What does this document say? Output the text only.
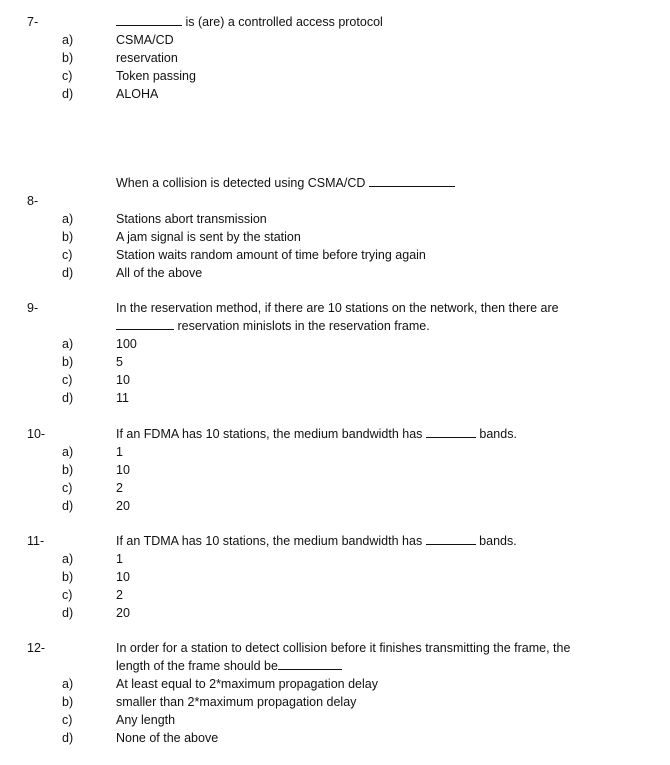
7-	is (are) a controlled access protocol
a)	CSMA/CD
b)	reservation
c)	Token passing
d)	ALOHA
When a collision is detected using CSMA/CD
8-
a)	Stations abort transmission
b)	A jam signal is sent by the station
c)	Station waits random amount of time before trying again
d)	All of the above
9-	In the reservation method, if there are 10 stations on the network, then there are
reservation minislots in the reservation frame.
a)	100
b)	5
c)	10
d)	11
10-	If an FDMA has 10 stations, the medium bandwidth has	bands.
a)	1
b)	10
c)	2
d)	20
11-	If an TDMA has 10 stations, the medium bandwidth has	bands.
a)	1
b)	10
c)	2
d)	20
12-	In order for a station to detect collision before it finishes transmitting the frame, the
length of the frame should be
a)	At least equal to 2*maximum propagation delay
b)	smaller than 2*maximum propagation delay
c)	Any length
d)	None of the above
